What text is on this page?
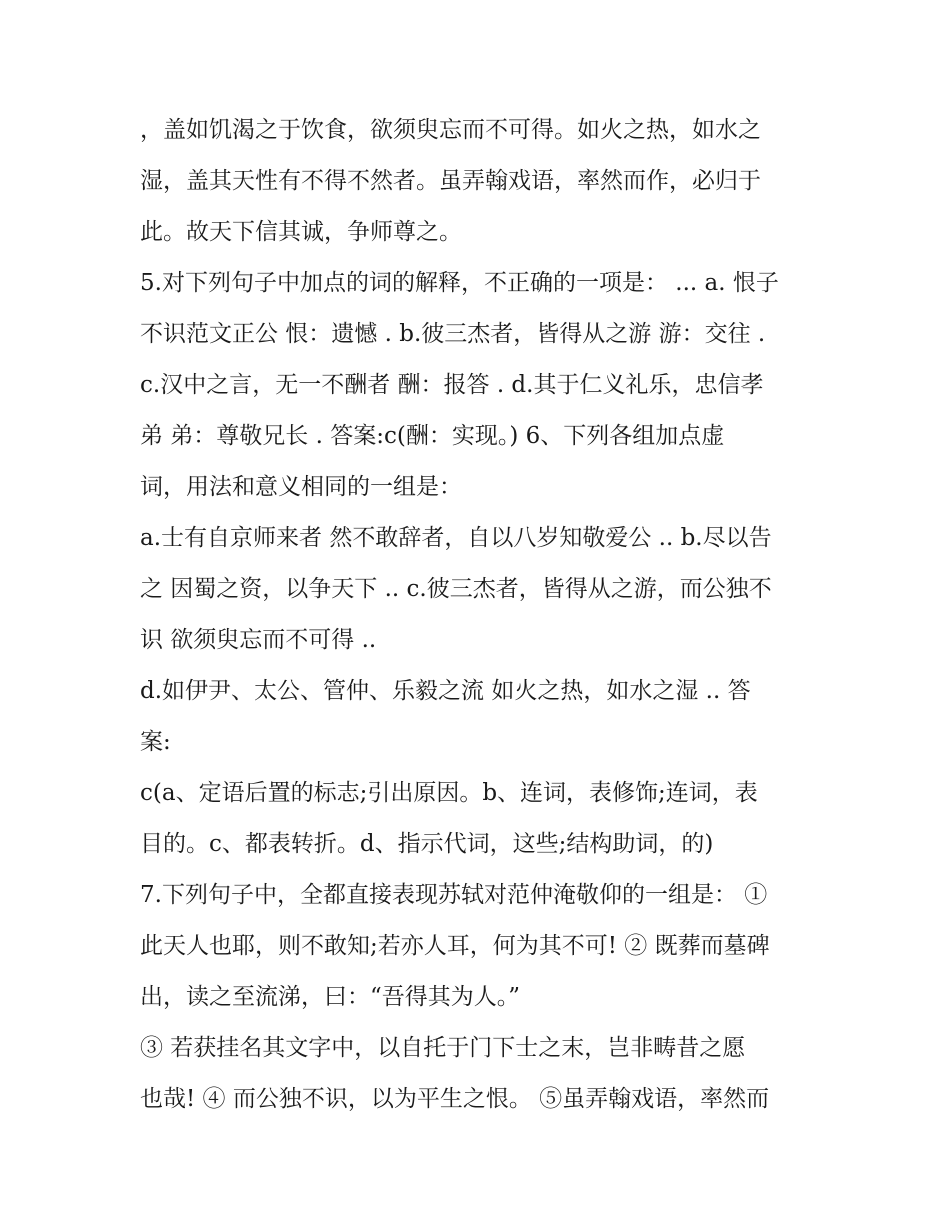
，盖如饥渴之于饮食，欲须臾忘而不可得。如火之热，如水之
湿，盖其天性有不得不然者。虽弄翰戏语，率然而作，必归于
此。故天下信其诚，争师尊之。
5.对下列句子中加点的词的解释，不正确的一项是： ... a. 恨子
不识范文正公 恨：遗憾 . b.彼三杰者，皆得从之游 游：交往 .
c.汉中之言，无一不酬者 酬：报答 . d.其于仁义礼乐，忠信孝
弟 弟：尊敬兄长 . 答案:c(酬：实现。) 6、下列各组加点虚
词，用法和意义相同的一组是：
a.士有自京师来者 然不敢辞者，自以八岁知敬爱公 .. b.尽以告
之 因蜀之资，以争天下 .. c.彼三杰者，皆得从之游，而公独不
识 欲须臾忘而不可得 ..
d.如伊尹、太公、管仲、乐毅之流 如火之热，如水之湿 .. 答
案:
c(a、定语后置的标志;引出原因。b、连词，表修饰;连词，表
目的。c、都表转折。d、指示代词，这些;结构助词，的)
7.下列句子中，全都直接表现苏轼对范仲淹敬仰的一组是： ①
此天人也耶，则不敢知;若亦人耳，何为其不可! ② 既葬而墓碑
出，读之至流涕，曰：“吾得其为人。”
③ 若获挂名其文字中，以自托于门下士之末，岂非畴昔之愿
也哉! ④ 而公独不识，以为平生之恨。 ⑤虽弄翰戏语，率然而
